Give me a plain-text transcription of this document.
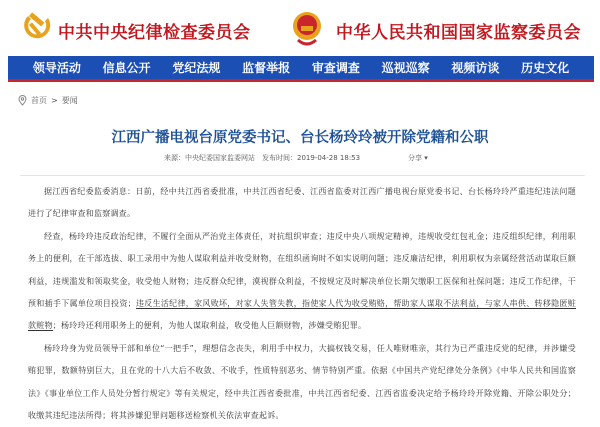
中共中央纪律检查委员会	中华人民共和国国家监察委员会
领导活动 信息公开 党纪法规 监督举报 审查调查 巡视巡察 视频访谈 历史文化
首页 > 要闻
江西广播电视台原党委书记、台长杨玲玲被开除党籍和公职
来源：中央纪委国家监委网站 发布时间：2019-04-28 18:53	分享 ▾
据江西省纪委监委消息：日前，经中共江西省委批准，中共江西省纪委、江西省监委对江西广播电视台原党委书记、台长杨玲玲严重违纪违法问题进行了纪律审查和监察调查。
经查，杨玲玲违反政治纪律，不履行全面从严治党主体责任，对抗组织审查；违反中央八项规定精神，违规收受红包礼金；违反组织纪律，利用职务上的便利，在干部选拔、职工录用中为他人谋取利益并收受财物，在组织函询时不如实说明问题；违反廉洁纪律，利用职权为亲属经营活动谋取巨额利益，违规滥发和领取奖金，收受他人财物；违反群众纪律，漠视群众利益，不按规定及时解决单位长期欠缴职工医保和社保问题；违反工作纪律，干预和插手下属单位项目投资；违反生活纪律，家风败坏，对家人失管失教，指使家人代为收受贿赂，帮助家人谋取不法利益，与家人串供、转移隐匿赃款赃物；杨玲玲还利用职务上的便利，为他人谋取利益，收受他人巨额财物，涉嫌受贿犯罪。
杨玲玲身为党员领导干部和单位“一把手”，理想信念丧失，利用手中权力，大搞权钱交易，任人唯财唯亲，其行为已严重违反党的纪律，并涉嫌受贿犯罪，数额特别巨大，且在党的十八大后不收敛、不收手，性质特别恶劣、情节特别严重。依据《中国共产党纪律处分条例》《中华人民共和国监察法》《事业单位工作人员处分暂行规定》等有关规定，经中共江西省委批准，中共江西省纪委、江西省监委决定给予杨玲玲开除党籍、开除公职处分；收缴其违纪违法所得；将其涉嫌犯罪问题移送检察机关依法审查起诉。
